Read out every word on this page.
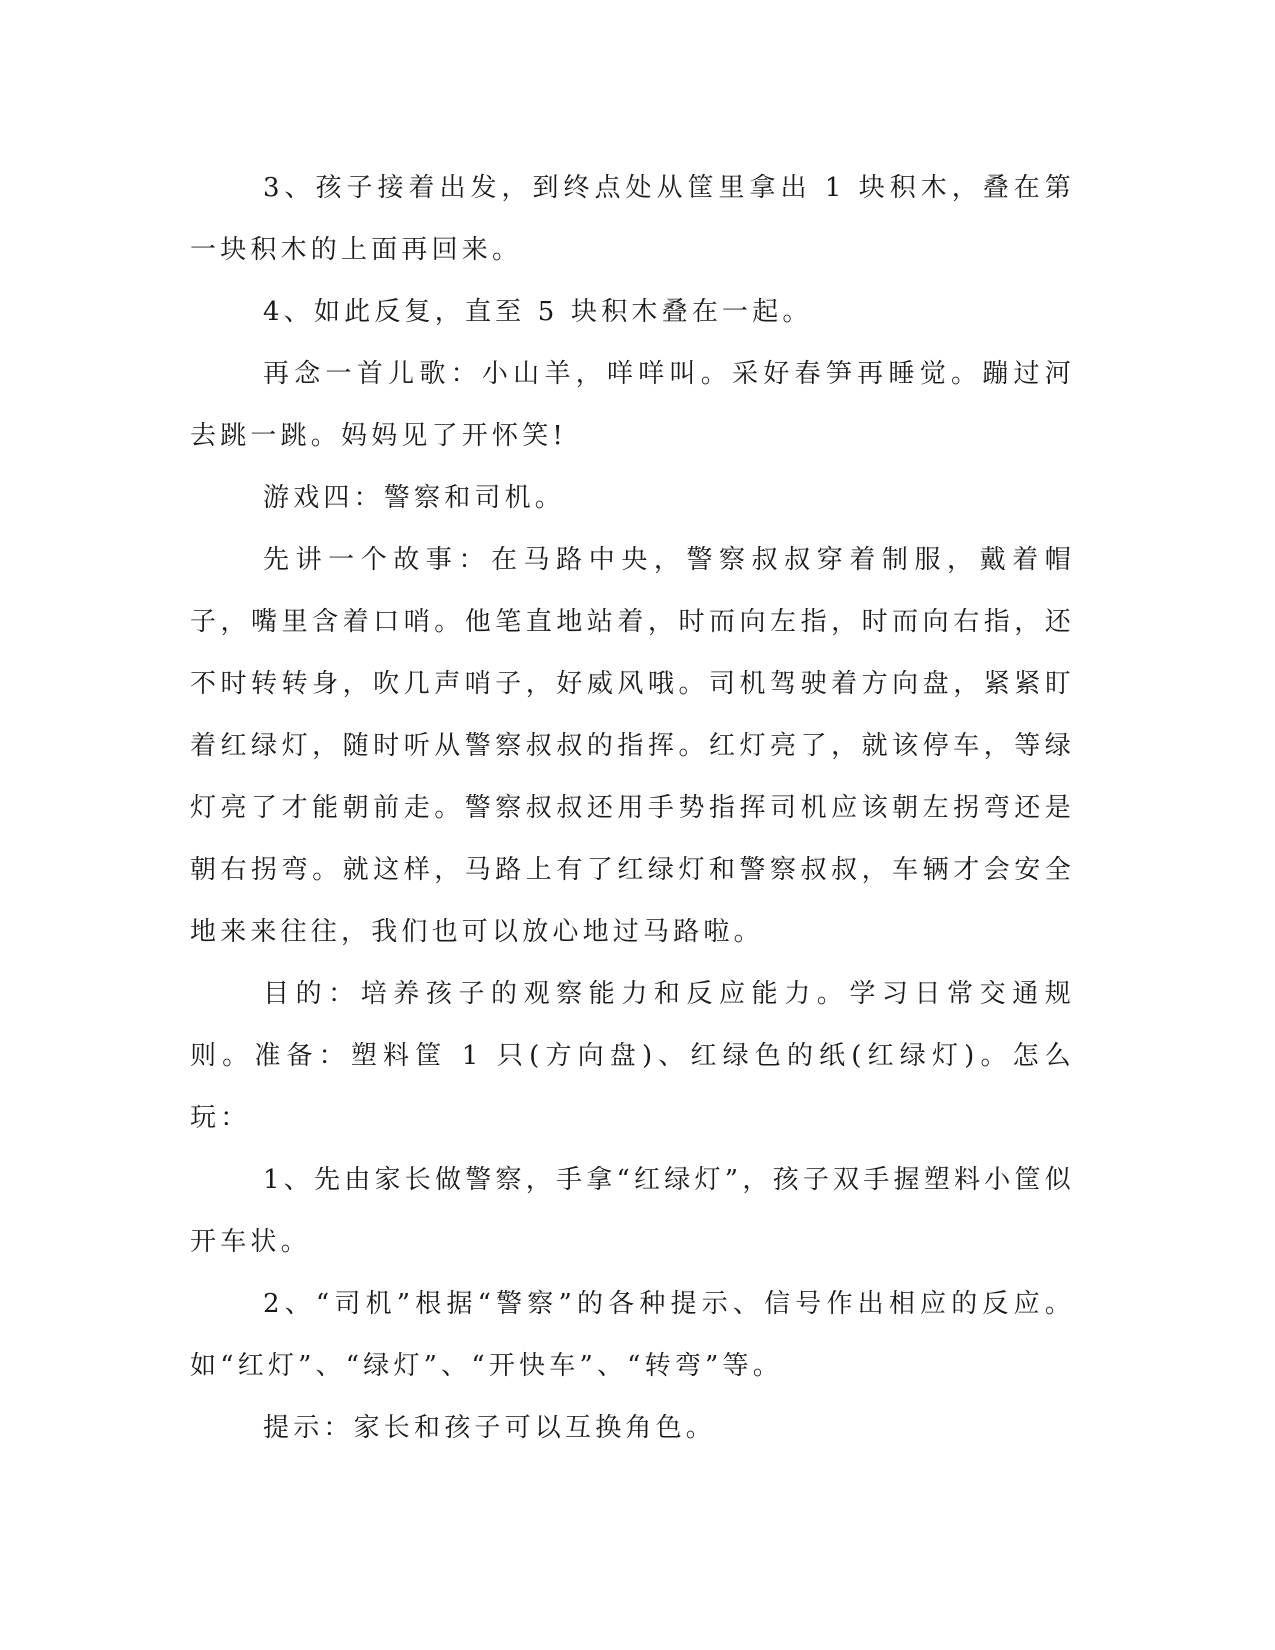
3、孩子接着出发，到终点处从筐里拿出 1 块积木，叠在第一块积木的上面再回来。

4、如此反复，直至 5 块积木叠在一起。

再念一首儿歌：小山羊，咩咩叫。采好春笋再睡觉。蹦过河去跳一跳。妈妈见了开怀笑!

游戏四：警察和司机。

先讲一个故事：在马路中央，警察叔叔穿着制服，戴着帽子，嘴里含着口哨。他笔直地站着，时而向左指，时而向右指，还不时转转身，吹几声哨子，好威风哦。司机驾驶着方向盘，紧紧盯着红绿灯，随时听从警察叔叔的指挥。红灯亮了，就该停车，等绿灯亮了才能朝前走。警察叔叔还用手势指挥司机应该朝左拐弯还是朝右拐弯。就这样，马路上有了红绿灯和警察叔叔，车辆才会安全地来来往往，我们也可以放心地过马路啦。

目的：培养孩子的观察能力和反应能力。学习日常交通规则。准备：塑料筐 1 只(方向盘)、红绿色的纸(红绿灯)。怎么玩：

1、先由家长做警察，手拿“红绿灯”，孩子双手握塑料小筐似开车状。

2、“司机”根据“警察”的各种提示、信号作出相应的反应。如“红灯”、“绿灯”、“开快车”、“转弯”等。

提示：家长和孩子可以互换角色。
